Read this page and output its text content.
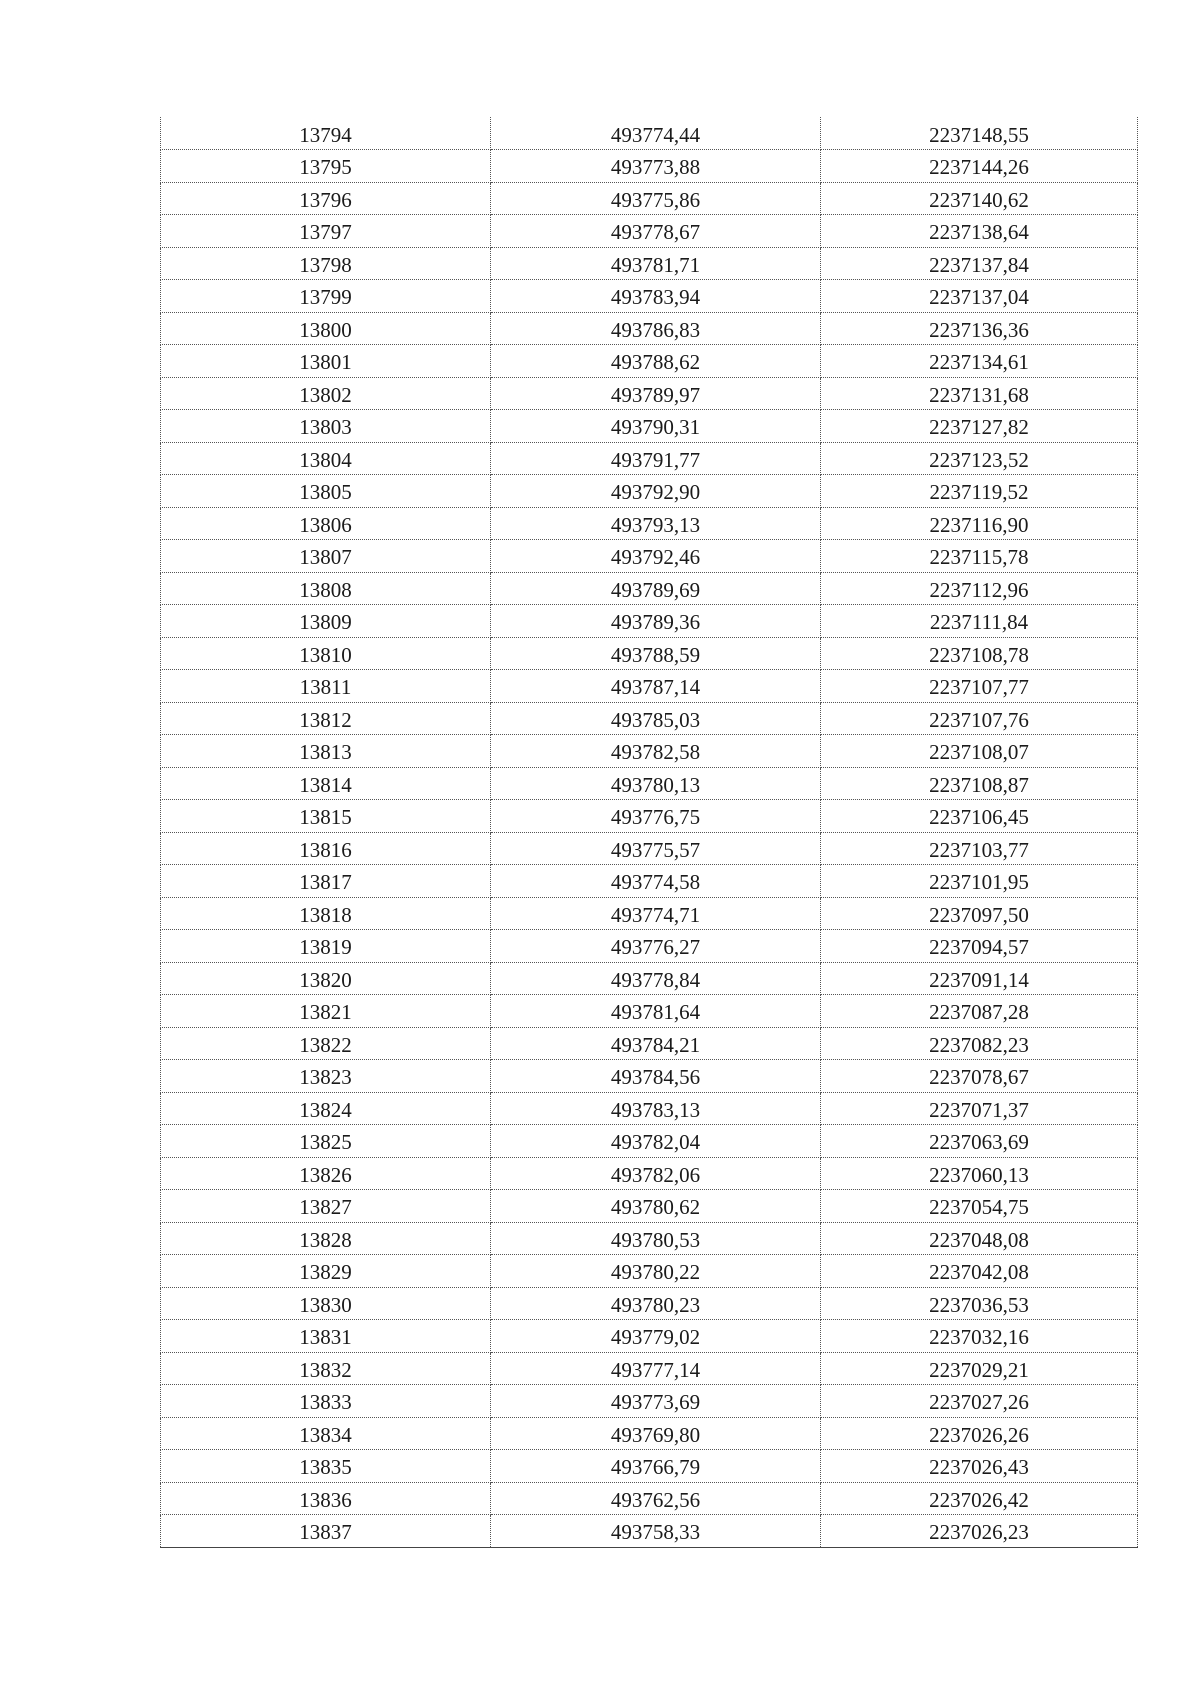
13794	493774,44	2237148,55
13795	493773,88	2237144,26
13796	493775,86	2237140,62
13797	493778,67	2237138,64
13798	493781,71	2237137,84
13799	493783,94	2237137,04
13800	493786,83	2237136,36
13801	493788,62	2237134,61
13802	493789,97	2237131,68
13803	493790,31	2237127,82
13804	493791,77	2237123,52
13805	493792,90	2237119,52
13806	493793,13	2237116,90
13807	493792,46	2237115,78
13808	493789,69	2237112,96
13809	493789,36	2237111,84
13810	493788,59	2237108,78
13811	493787,14	2237107,77
13812	493785,03	2237107,76
13813	493782,58	2237108,07
13814	493780,13	2237108,87
13815	493776,75	2237106,45
13816	493775,57	2237103,77
13817	493774,58	2237101,95
13818	493774,71	2237097,50
13819	493776,27	2237094,57
13820	493778,84	2237091,14
13821	493781,64	2237087,28
13822	493784,21	2237082,23
13823	493784,56	2237078,67
13824	493783,13	2237071,37
13825	493782,04	2237063,69
13826	493782,06	2237060,13
13827	493780,62	2237054,75
13828	493780,53	2237048,08
13829	493780,22	2237042,08
13830	493780,23	2237036,53
13831	493779,02	2237032,16
13832	493777,14	2237029,21
13833	493773,69	2237027,26
13834	493769,80	2237026,26
13835	493766,79	2237026,43
13836	493762,56	2237026,42
13837	493758,33	2237026,23
